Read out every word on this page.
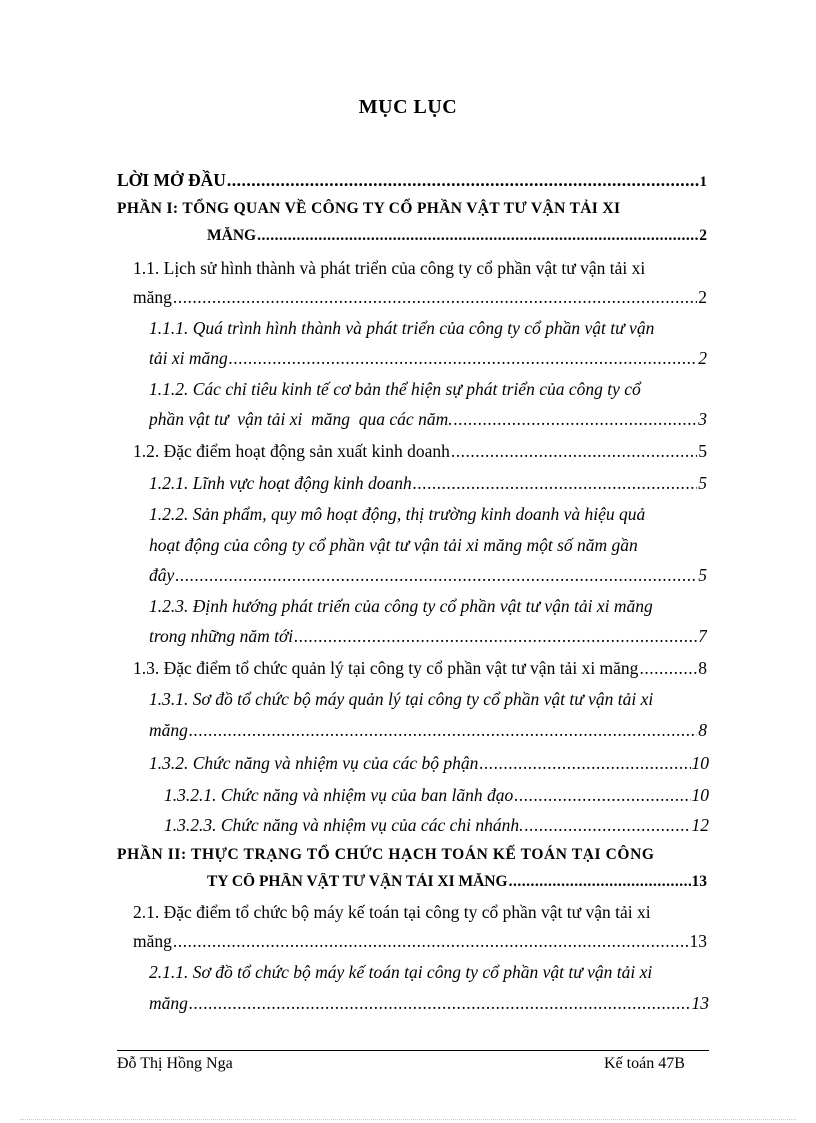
MỤC LỤC
LỜI MỞ ĐẦU .....	1
PHẦN I: TỔNG QUAN VỀ CÔNG TY CỔ PHẦN VẬT TƯ VẬN TẢI XI
MĂNG .....	2
1.1. Lịch sử hình thành và phát triển của công ty cổ phần vật tư vận tải xi
măng .....	2
1.1.1. Quá trình hình thành và phát triển của công ty cổ phần vật tư vận
tải xi măng .....	2
1.1.2. Các chỉ tiêu kinh tế cơ bản thể hiện sự phát triển của công ty cổ
phần vật tư  vận tải xi  măng  qua các năm. .....	3
1.2. Đặc điểm hoạt động sản xuất kinh doanh .....	5
1.2.1. Lĩnh vực hoạt động kinh doanh .....	5
1.2.2. Sản phẩm, quy mô hoạt động, thị trường kinh doanh và hiệu quả
hoạt động của công ty cổ phần vật tư vận tải xi măng một số năm gần
đây .....	5
1.2.3. Định hướng phát triển của công ty cổ phần vật tư vận tải xi măng
trong những năm tới .....	7
1.3. Đặc điểm tổ chức quản lý tại công ty cổ phần vật tư vận tải xi măng .....	8
1.3.1. Sơ đồ tổ chức bộ máy quản lý tại công ty cổ phần vật tư vận tải xi
măng .....	8
1.3.2. Chức năng và nhiệm vụ của các bộ phận .....	10
1.3.2.1. Chức năng và nhiệm vụ của ban lãnh đạo .....	10
1.3.2.3. Chức năng và nhiệm vụ của các chi nhánh. .....	12
PHẦN II: THỰC TRẠNG TỔ CHỨC HẠCH TOÁN KẾ TOÁN TẠI CÔNG
TY CỔ PHẦN VẬT TƯ VẬN TẢI XI MĂNG .....	13
2.1. Đặc điểm tổ chức bộ máy kế toán tại công ty cổ phần vật tư vận tải xi
măng .....	13
2.1.1. Sơ đồ tổ chức bộ máy kế toán tại công ty cổ phần vật tư vận tải xi
măng .....	13
Đỗ Thị Hồng Nga	Kế toán 47B
